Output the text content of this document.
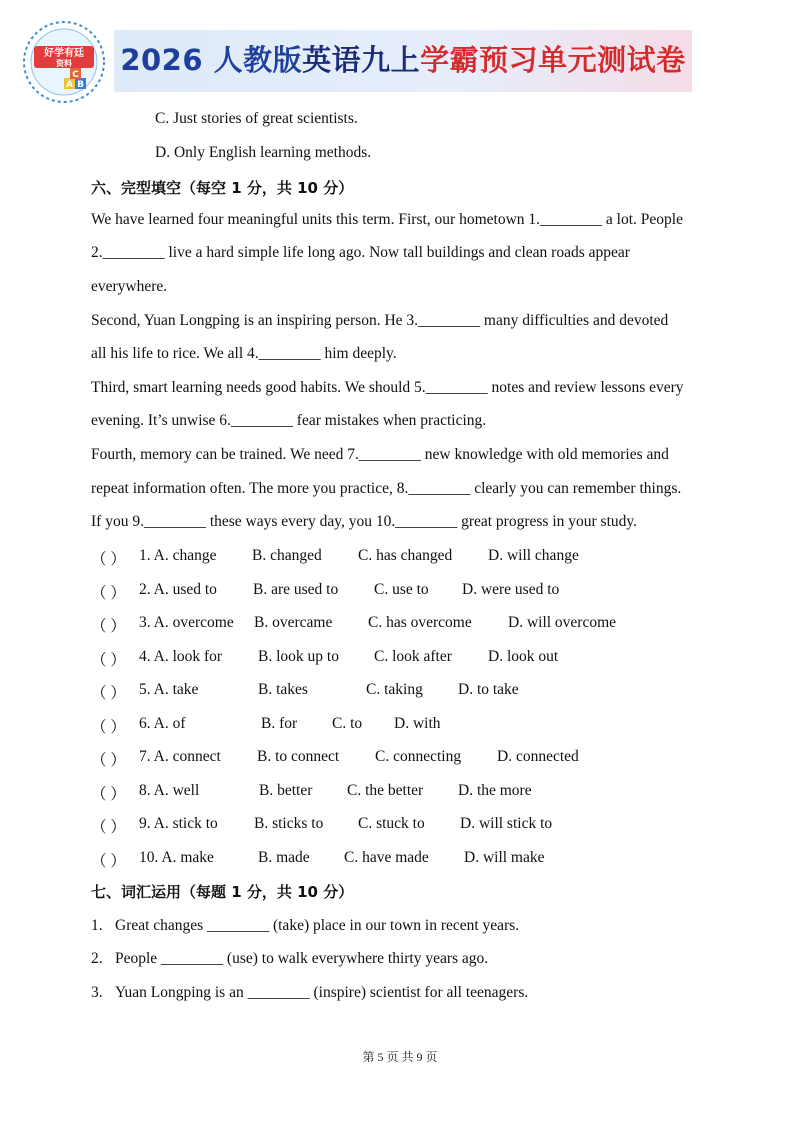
好学有廷
资料
A B
C 2026 人教版英语九上学霸预习单元测试卷
C. Just stories of great scientists.
D. Only English learning methods.
六、完型填空（每空 1 分，共 10 分）
We have learned four meaningful units this term. First, our hometown 1.________ a lot. People
2.________ live a hard simple life long ago. Now tall buildings and clean roads appear
everywhere.
Second, Yuan Longping is an inspiring person. He 3.________ many difficulties and devoted
all his life to rice. We all 4.________ him deeply.
Third, smart learning needs good habits. We should 5.________ notes and review lessons every
evening. It’s unwise 6.________ fear mistakes when practicing.
Fourth, memory can be trained. We need 7.________ new knowledge with old memories and
repeat information often. The more you practice, 8.________ clearly you can remember things.
If you 9.________ these ways every day, you 10.________ great progress in your study.
（ ） 1. A. change B. changed C. has changed D. will change
（ ） 2. A. used to B. are used to C. use to D. were used to
（ ） 3. A. overcome B. overcame C. has overcome D. will overcome
（ ） 4. A. look for B. look up to C. look after D. look out
（ ） 5. A. take	B. takes	C. taking D. to take
（ ） 6. A. of	B. for C. to D. with
（ ） 7. A. connect B. to connect C. connecting D. connected
（ ） 8. A. well	B. better C. the better D. the more
（ ） 9. A. stick to B. sticks to C. stuck to D. will stick to
（ ） 10. A. make	B. made C. have made D. will make
七、词汇运用（每题 1 分，共 10 分）
1. Great changes ________ (take) place in our town in recent years.
2. People ________ (use) to walk everywhere thirty years ago.
3. Yuan Longping is an ________ (inspire) scientist for all teenagers.
第 5 页 共 9 页
